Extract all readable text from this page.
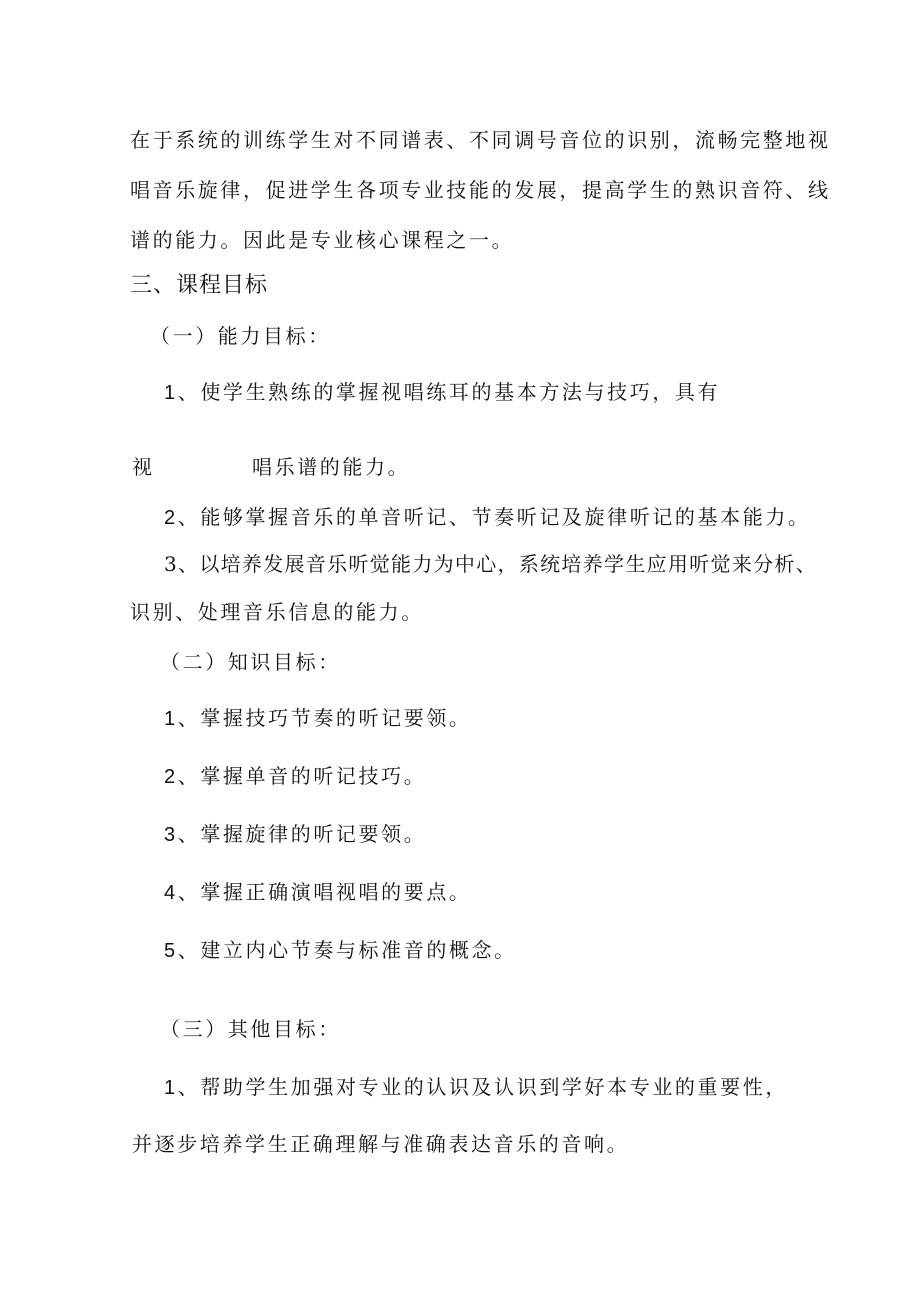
在于系统的训练学生对不同谱表、不同调号音位的识别，流畅完整地视

唱音乐旋律，促进学生各项专业技能的发展，提高学生的熟识音符、线

谱的能力。因此是专业核心课程之一。

三、课程目标

（一）能力目标：

1、使学生熟练的掌握视唱练耳的基本方法与技巧，具有

视	唱乐谱的能力。

2、能够掌握音乐的单音听记、节奏听记及旋律听记的基本能力。

3、以培养发展音乐听觉能力为中心，系统培养学生应用听觉来分析、

识别、处理音乐信息的能力。

（二）知识目标：

1、掌握技巧节奏的听记要领。

2、掌握单音的听记技巧。

3、掌握旋律的听记要领。

4、掌握正确演唱视唱的要点。

5、建立内心节奏与标准音的概念。

（三）其他目标：

1、帮助学生加强对专业的认识及认识到学好本专业的重要性，

并逐步培养学生正确理解与准确表达音乐的音响。
